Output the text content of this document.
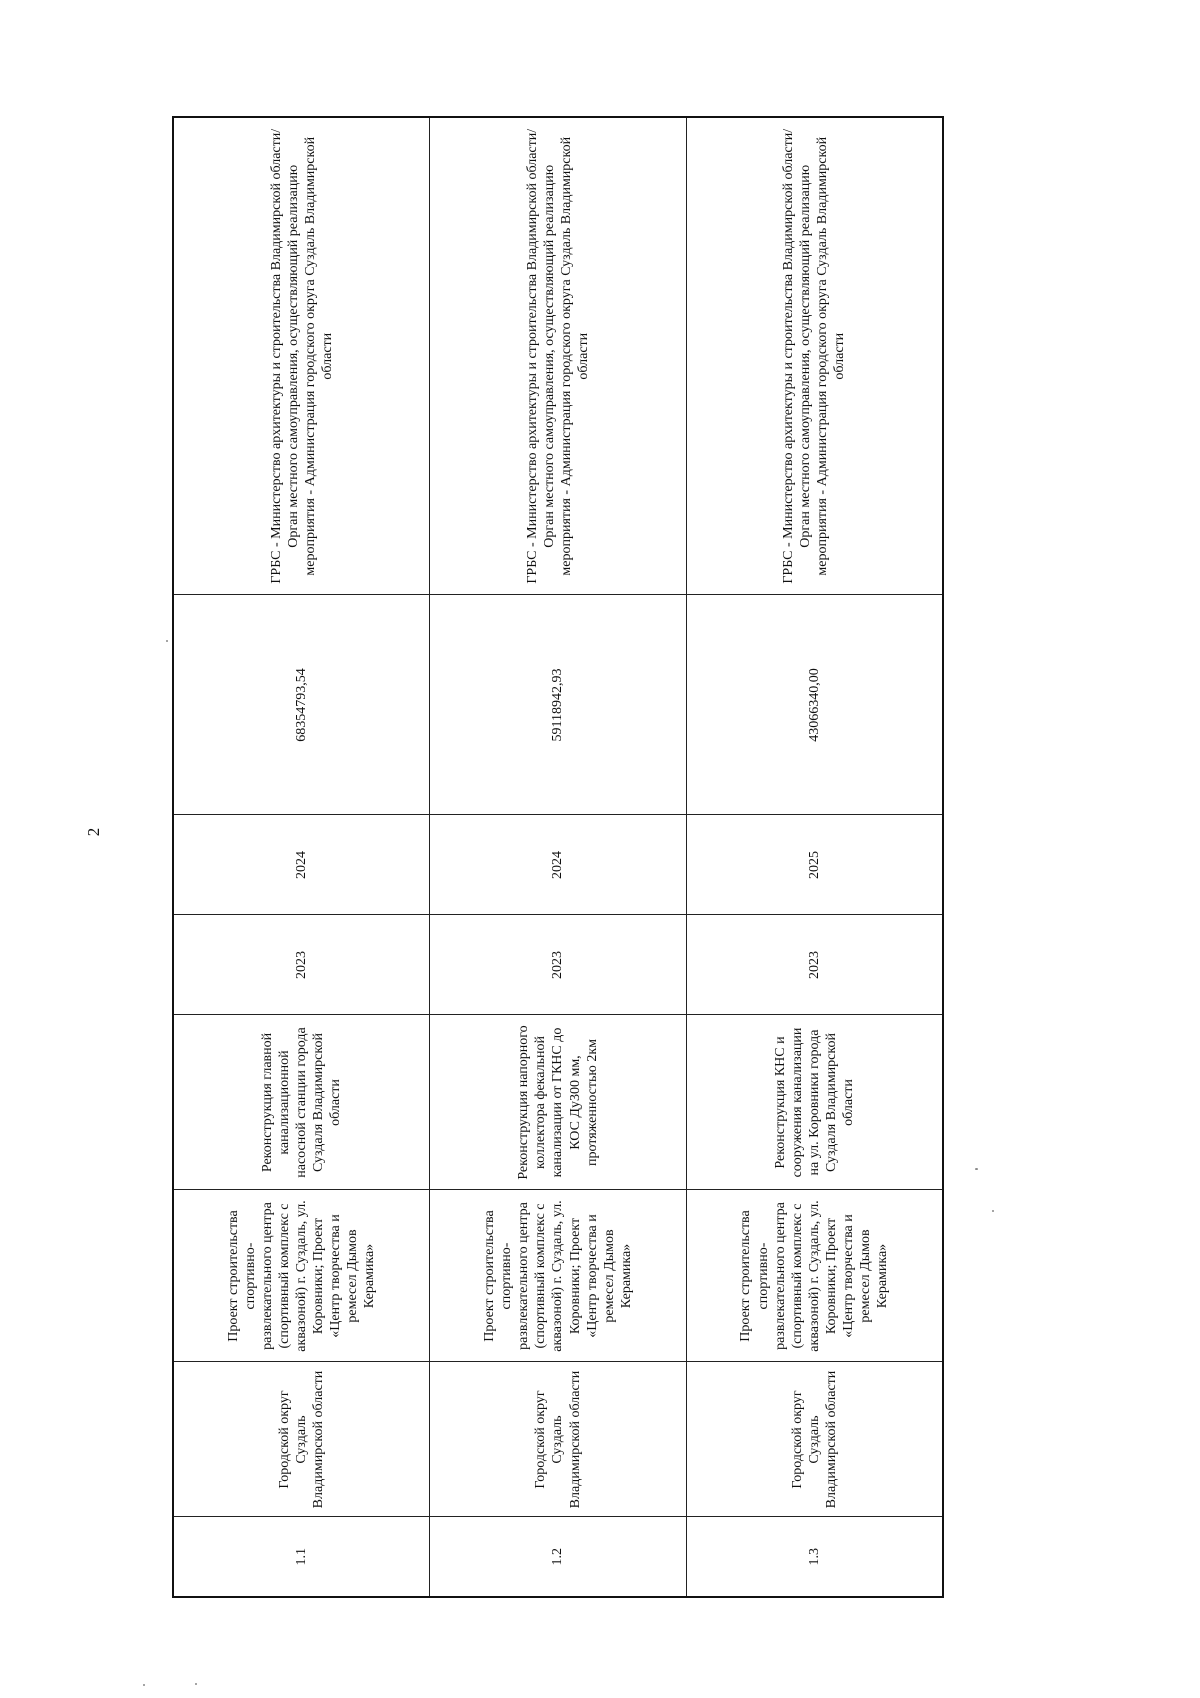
2
1.1	Городской округ Суздаль Владимирской области	Проект строительства спортивно-развлекательного центра (спортивный комплекс с аквазоной) г. Суздаль, ул. Коровники; Проект «Центр творчества и ремесел Дымов Керамика»	Реконструкция главной канализационной насосной станции города Суздаля Владимирской области	2023	2024	68354793,54	ГРБС - Министерство архитектуры и строительства Владимирской области/ Орган местного самоуправления, осуществляющий реализацию мероприятия - Администрация городского округа Суздаль Владимирской области
1.2	Городской округ Суздаль Владимирской области	Проект строительства спортивно-развлекательного центра (спортивный комплекс с аквазоной) г. Суздаль, ул. Коровники; Проект «Центр творчества и ремесел Дымов Керамика»	Реконструкция напорного коллектора фекальной канализации от ГКНС до КОС Ду300 мм, протяженностью 2км	2023	2024	59118942,93	ГРБС - Министерство архитектуры и строительства Владимирской области/ Орган местного самоуправления, осуществляющий реализацию мероприятия - Администрация городского округа Суздаль Владимирской области
1.3	Городской округ Суздаль Владимирской области	Проект строительства спортивно-развлекательного центра (спортивный комплекс с аквазоной) г. Суздаль, ул. Коровники; Проект «Центр творчества и ремесел Дымов Керамика»	Реконструкция КНС и сооружения канализации на ул. Коровники города Суздаля Владимирской области	2023	2025	43066340,00	ГРБС - Министерство архитектуры и строительства Владимирской области/ Орган местного самоуправления, осуществляющий реализацию мероприятия - Администрация городского округа Суздаль Владимирской области
